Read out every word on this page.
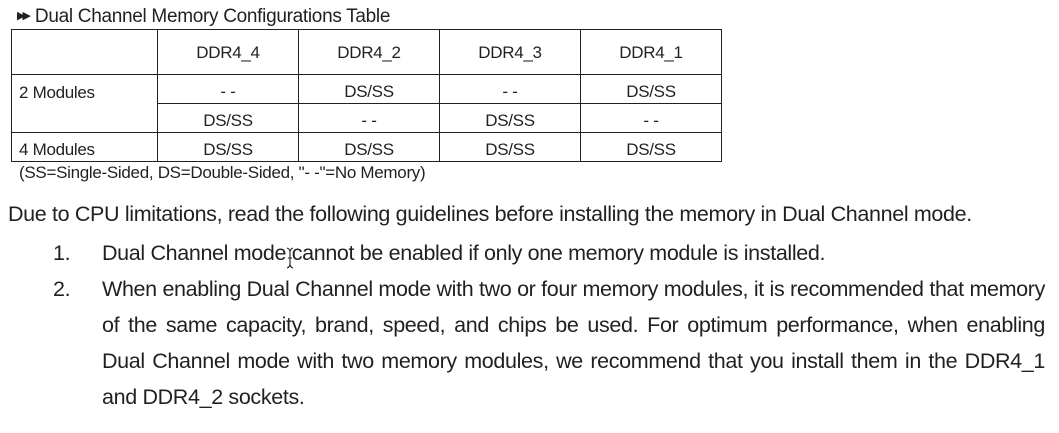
▶▶ Dual Channel Memory Configurations Table
	DDR4_4	DDR4_2	DDR4_3	DDR4_1
2 Modules	- -	DS/SS	- -	DS/SS
	DS/SS	- -	DS/SS	- -
4 Modules	DS/SS	DS/SS	DS/SS	DS/SS
(SS=Single-Sided, DS=Double-Sided, "- -"=No Memory)
Due to CPU limitations, read the following guidelines before installing the memory in Dual Channel mode.
1.	Dual Channel mode cannot be enabled if only one memory module is installed.
2.	When enabling Dual Channel mode with two or four memory modules, it is recommended that memory of the same capacity, brand, speed, and chips be used. For optimum performance, when enabling Dual Channel mode with two memory modules, we recommend that you install them in the DDR4_1 and DDR4_2 sockets.
